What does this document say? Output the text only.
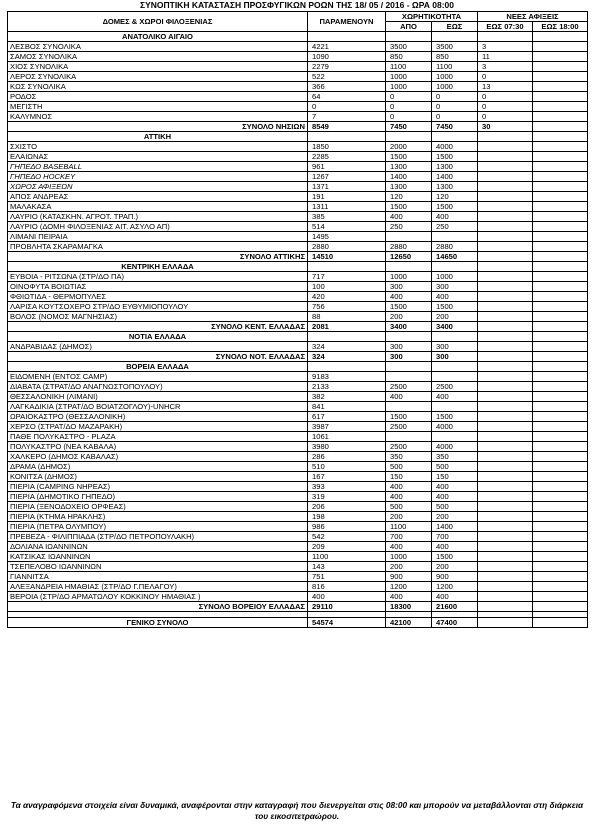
ΣΥΝΟΠΤΙΚΗ ΚΑΤΑΣΤΑΣΗ ΠΡΟΣΦΥΓΙΚΩΝ ΡΟΩΝ ΤΗΣ 18/ 05 / 2016 - ΩΡΑ 08:00
ΔΟΜΕΣ & ΧΩΡΟΙ ΦΙΛΟΞΕΝΙΑΣ	ΠΑΡΑΜΕΝΟΥΝ	ΧΩΡΗΤΙΚΟΤΗΤΑ		ΝΕΕΣ ΑΦΙΞΕΙΣ	
		ΑΠΟ	ΕΩΣ	ΕΩΣ 07:30	ΕΩΣ 18:00
ΑΝΑΤΟΛΙΚΟ ΑΙΓΑΙΟ					
ΛΕΣΒΟΣ ΣΥΝΟΛΙΚΑ	4221	3500	3500	3	
ΣΑΜΟΣ ΣΥΝΟΛΙΚΑ	1090	850	850	11	
ΧΙΟΣ ΣΥΝΟΛΙΚΑ	2279	1100	1100	3	
ΛΕΡΟΣ ΣΥΝΟΛΙΚΑ	522	1000	1000	0	
ΚΩΣ ΣΥΝΟΛΙΚΑ	366	1000	1000	13	
ΡΟΔΟΣ	64	0	0	0	
ΜΕΓΙΣΤΗ	0	0	0	0	
ΚΑΛΥΜΝΟΣ	7	0	0	0	
ΣΥΝΟΛΟ ΝΗΣΙΩΝ	8549	7450	7450	30	
ΑΤΤΙΚΗ					
ΣΧΙΣΤΟ	1850	2000	4000		
ΕΛΑΙΩΝΑΣ	2285	1500	1500		
ΓΗΠΕΔΟ BASEBALL	961	1300	1300		
ΓΗΠΕΔΟ HOCKEY	1267	1400	1400		
ΧΩΡΟΣ ΑΦΙΞΕΩΝ	1371	1300	1300		
ΑΠΟΣ ΑΝΔΡΕΑΣ	191	120	120		
ΜΑΛΑΚΑΣΑ	1311	1500	1500		
ΛΑΥΡΙΟ (ΚΑΤΑΣΚΗΝ. ΑΓΡΟΤ. ΤΡΑΠ.)	385	400	400		
ΛΑΥΡΙΟ (ΔΟΜΗ ΦΙΛΟΞΕΝΙΑΣ ΑΙΤ. ΑΣΥΛΟ ΑΠ)	514	250	250		
ΛΙΜΑΝΙ ΠΕΙΡΑΙΑ	1495				
ΠΡΟΒΛΗΤΑ ΣΚΑΡΑΜΑΓΚΑ	2880	2880	2880		
ΣΥΝΟΛΟ ΑΤΤΙΚΗΣ	14510	12650	14650		
ΚΕΝΤΡΙΚΗ ΕΛΛΑΔΑ					
ΕΥΒΟΙΑ - ΡΙΤΣΩΝΑ (ΣΤΡ/ΔΟ ΠΑ)	717	1000	1000		
ΟΙΝΟΦΥΤΑ ΒΟΙΩΤΙΑΣ	100	300	300		
ΦΘΙΩΤΙΔΑ - ΘΕΡΜΟΠΥΛΕΣ	420	400	400		
ΛΑΡΙΣΑ ΚΟΥΤΣΟΧΕΡΟ ΣΤΡ/ΔΟ ΕΥΘΥΜΙΟΠΟΥΛΟΥ	756	1500	1500		
ΒΟΛΟΣ (ΝΟΜΟΣ ΜΑΓΝΗΣΙΑΣ)	88	200	200		
ΣΥΝΟΛΟ ΚΕΝΤ. ΕΛΛΑΔΑΣ	2081	3400	3400		
ΝΟΤΙΑ ΕΛΛΑΔΑ					
ΑΝΔΡΑΒΙΔΑΣ (ΔΗΜΟΣ)	324	300	300		
ΣΥΝΟΛΟ ΝΟΤ. ΕΛΛΑΔΑΣ	324	300	300		
ΒΟΡΕΙΑ ΕΛΛΑΔΑ					
ΕΙΔΟΜΕΝΗ (ΕΝΤΟΣ CAMP)	9183				
ΔΙΑΒΑΤΑ (ΣΤΡΑΤ/ΔΟ ΑΝΑΓΝΩΣΤΟΠΟΥΛΟΥ)	2133	2500	2500		
ΘΕΣΣΑΛΟΝΙΚΗ (ΛΙΜΑΝΙ)	382	400	400		
ΛΑΓΚΑΔΙΚΙΑ (ΣΤΡΑΤ/ΔΟ ΒΟΙΑΤΖΟΓΛΟΥ)-UNHCR	841				
ΩΡΑΙΟΚΑΣΤΡΟ (ΘΕΣΣΑΛΟΝΙΚΗ)	617	1500	1500		
ΧΕΡΣΟ (ΣΤΡΑΤ/ΔΟ ΜΑΖΑΡΑΚΗ)	3987	2500	4000		
ΠΑΘΕ ΠΟΛΥΚΑΣΤΡΟ - PLAZA	1061				
ΠΟΛΥΚΑΣΤΡΟ (ΝΕΑ ΚΑΒΑΛΑ)	3980	2500	4000		
ΧΑΛΚΕΡΟ (ΔΗΜΟΣ ΚΑΒΑΛΑΣ)	286	350	350		
ΔΡΑΜΑ (ΔΗΜΟΣ)	510	500	500		
ΚΟΝΙΤΣΑ (ΔΗΜΟΣ)	167	150	150		
ΠΙΕΡΙΑ (CAMPING ΝΗΡΕΑΣ)	393	400	400		
ΠΙΕΡΙΑ (ΔΗΜΟΤΙΚΟ ΓΗΠΕΔΟ)	319	400	400		
ΠΙΕΡΙΑ (ΞΕΝΟΔΟΧΕΙΟ ΟΡΦΕΑΣ)	206	500	500		
ΠΙΕΡΙΑ (ΚΤΗΜΑ ΗΡΑΚΛΗΣ)	198	200	200		
ΠΙΕΡΙΑ (ΠΕΤΡΑ ΟΛΥΜΠΟΥ)	986	1100	1400		
ΠΡΕΒΕΖΑ - ΦΙΛΙΠΠΙΑΔΑ (ΣΤΡ/ΔΟ ΠΕΤΡΟΠΟΥΛΑΚΗ)	542	700	700		
ΔΟΛΙΑΝΑ ΙΩΑΝΝΙΝΩΝ	209	400	400		
ΚΑΤΣΙΚΑΣ ΙΩΑΝΝΙΝΩΝ	1100	1000	1500		
ΤΣΕΠΕΛΟΒΟ ΙΩΑΝΝΙΝΩΝ	143	200	200		
ΓΙΑΝΝΙΤΣΑ	751	900	900		
ΑΛΕΞΑΝΔΡΕΙΑ ΗΜΑΘΙΑΣ (ΣΤΡ/ΔΟ Γ.ΠΕΛΑΓΟΥ)	816	1200	1200		
ΒΕΡΟΙΑ (ΣΤΡ/ΔΟ ΑΡΜΑΤΩΛΟΥ ΚΟΚΚΙΝΟΥ ΗΜΑΘΙΑΣ )	400	400	400		
ΣΥΝΟΛΟ ΒΟΡΕΙΟΥ ΕΛΛΑΔΑΣ	29110	18300	21600		

ΓΕΝΙΚΟ ΣΥΝΟΛΟ	54574	42100	47400		
Τα αναγραφόμενα στοιχεία είναι δυναμικά, αναφέρονται στην καταγραφή που διενεργείται στις 08:00 και μπορούν να μεταβάλλονται στη διάρκεια του εικοσιτετραώρου.
